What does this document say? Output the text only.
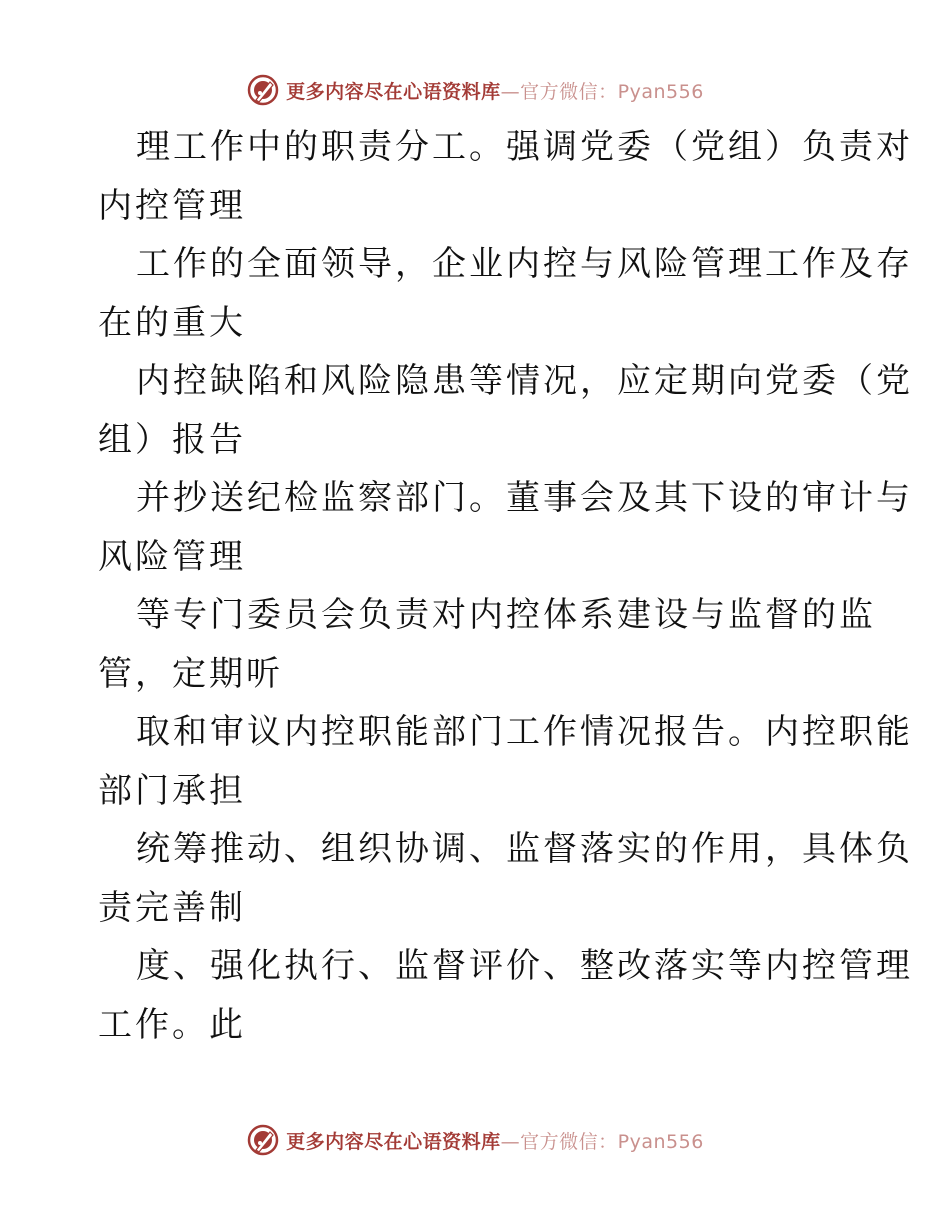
更多内容尽在心语资料库—官方微信：Pyan556

理工作中的职责分工。强调党委（党组）负责对
内控管理

工作的全面领导，企业内控与风险管理工作及存
在的重大

内控缺陷和风险隐患等情况，应定期向党委（党
组）报告

并抄送纪检监察部门。董事会及其下设的审计与
风险管理

等专门委员会负责对内控体系建设与监督的监
管，定期听

取和审议内控职能部门工作情况报告。内控职能
部门承担

统筹推动、组织协调、监督落实的作用，具体负
责完善制

度、强化执行、监督评价、整改落实等内控管理
工作。此

更多内容尽在心语资料库—官方微信：Pyan556
